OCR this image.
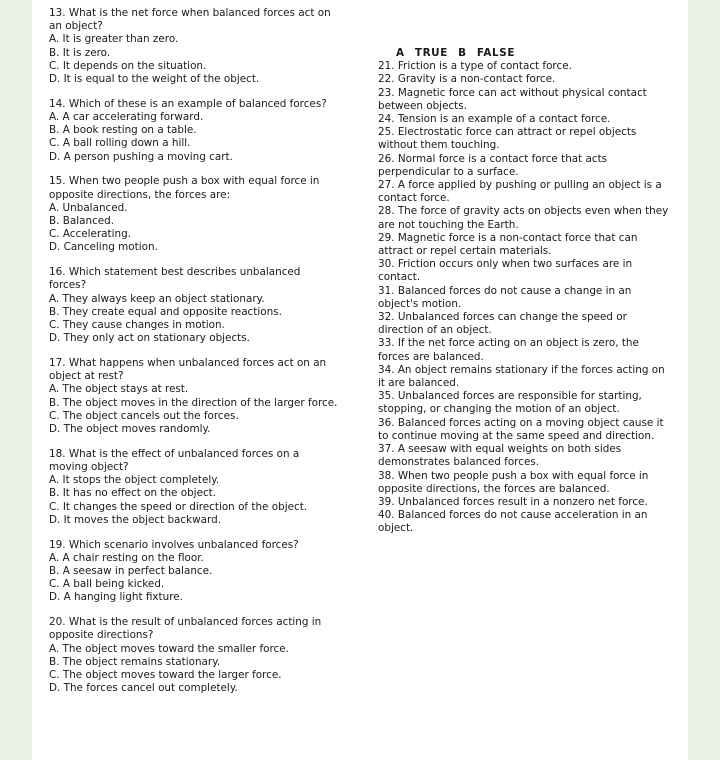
13. What is the net force when balanced forces act on
an object?
A. It is greater than zero.
B. It is zero.
C. It depends on the situation.
D. It is equal to the weight of the object.
14. Which of these is an example of balanced forces?
A. A car accelerating forward.
B. A book resting on a table.
C. A ball rolling down a hill.
D. A person pushing a moving cart.
15. When two people push a box with equal force in
opposite directions, the forces are:
A. Unbalanced.
B. Balanced.
C. Accelerating.
D. Canceling motion.
16. Which statement best describes unbalanced
forces?
A. They always keep an object stationary.
B. They create equal and opposite reactions.
C. They cause changes in motion.
D. They only act on stationary objects.
17. What happens when unbalanced forces act on an
object at rest?
A. The object stays at rest.
B. The object moves in the direction of the larger force.
C. The object cancels out the forces.
D. The object moves randomly.
18. What is the effect of unbalanced forces on a
moving object?
A. It stops the object completely.
B. It has no effect on the object.
C. It changes the speed or direction of the object.
D. It moves the object backward.
19. Which scenario involves unbalanced forces?
A. A chair resting on the floor.
B. A seesaw in perfect balance.
C. A ball being kicked.
D. A hanging light fixture.
20. What is the result of unbalanced forces acting in
opposite directions?
A. The object moves toward the smaller force.
B. The object remains stationary.
C. The object moves toward the larger force.
D. The forces cancel out completely.
A TRUE B FALSE
21. Friction is a type of contact force.
22. Gravity is a non-contact force.
23. Magnetic force can act without physical contact
between objects.
24. Tension is an example of a contact force.
25. Electrostatic force can attract or repel objects
without them touching.
26. Normal force is a contact force that acts
perpendicular to a surface.
27. A force applied by pushing or pulling an object is a
contact force.
28. The force of gravity acts on objects even when they
are not touching the Earth.
29. Magnetic force is a non-contact force that can
attract or repel certain materials.
30. Friction occurs only when two surfaces are in
contact.
31. Balanced forces do not cause a change in an
object's motion.
32. Unbalanced forces can change the speed or
direction of an object.
33. If the net force acting on an object is zero, the
forces are balanced.
34. An object remains stationary if the forces acting on
it are balanced.
35. Unbalanced forces are responsible for starting,
stopping, or changing the motion of an object.
36. Balanced forces acting on a moving object cause it
to continue moving at the same speed and direction.
37. A seesaw with equal weights on both sides
demonstrates balanced forces.
38. When two people push a box with equal force in
opposite directions, the forces are balanced.
39. Unbalanced forces result in a nonzero net force.
40. Balanced forces do not cause acceleration in an
object.
